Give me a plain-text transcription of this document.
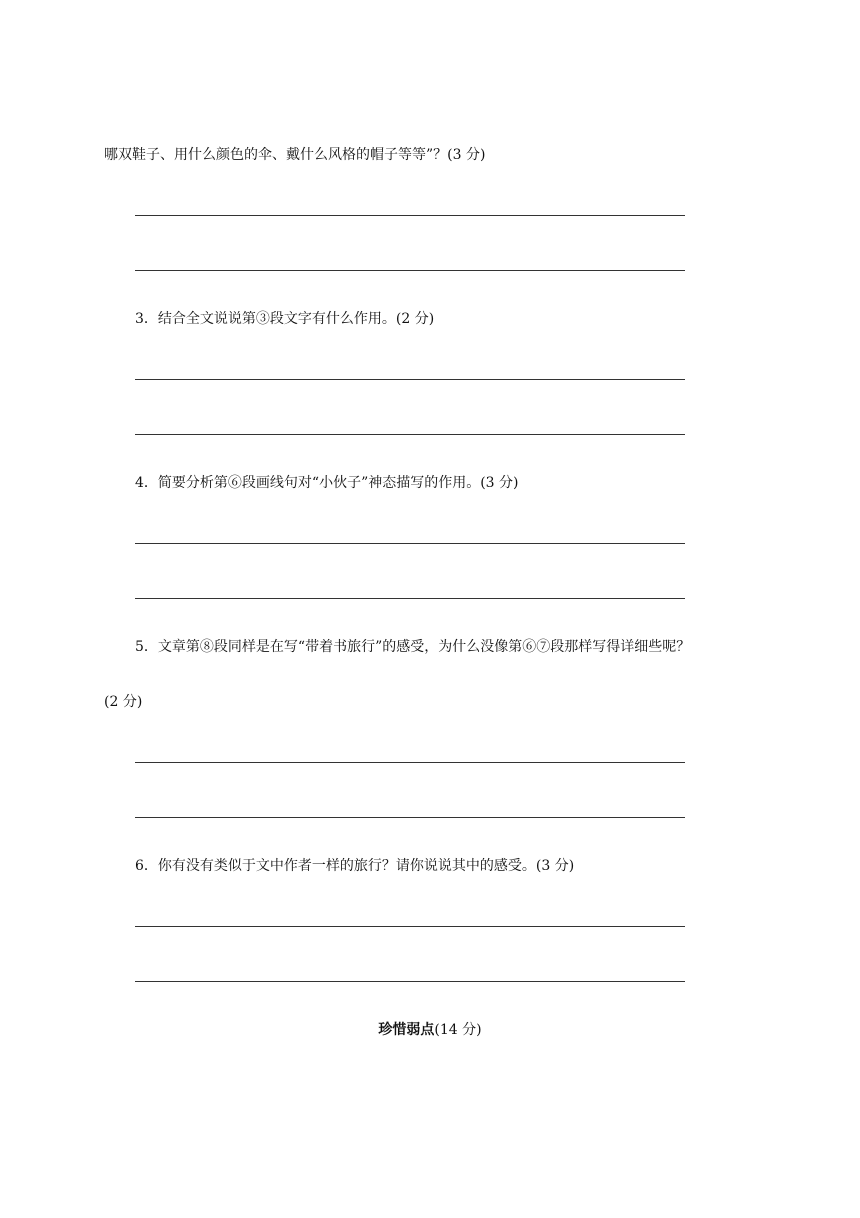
哪双鞋子、用什么颜色的伞、戴什么风格的帽子等等”？(3 分)
3．结合全文说说第③段文字有什么作用。(2 分)
4．简要分析第⑥段画线句对“小伙子”神态描写的作用。(3 分)
5．文章第⑧段同样是在写“带着书旅行”的感受，为什么没像第⑥⑦段那样写得详细些呢？
(2 分)
6．你有没有类似于文中作者一样的旅行？请你说说其中的感受。(3 分)
珍惜弱点(14 分)
